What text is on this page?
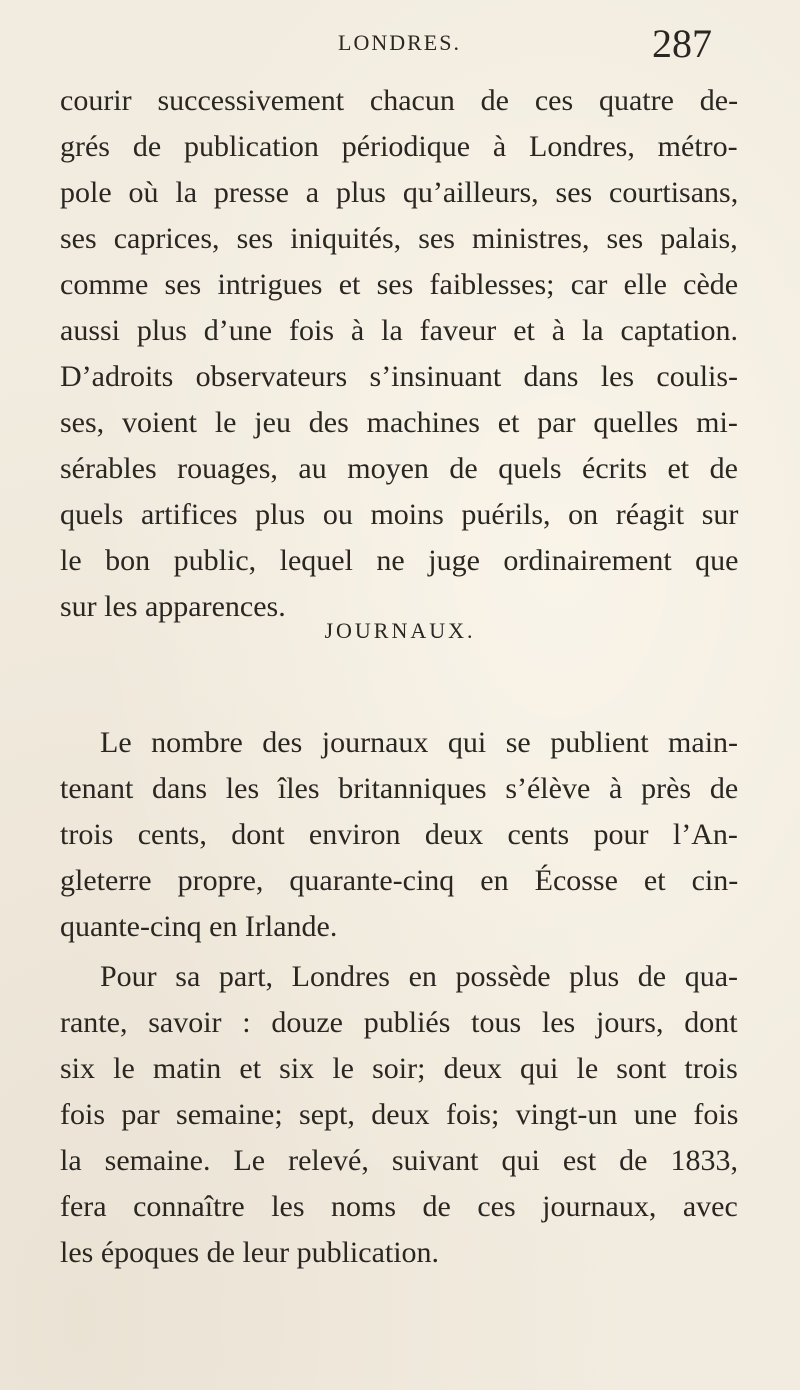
LONDRES.	287
courir successivement chacun de ces quatre de-
grés de publication périodique à Londres, métro-
pole où la presse a plus qu’ailleurs, ses courtisans,
ses caprices, ses iniquités, ses ministres, ses palais,
comme ses intrigues et ses faiblesses; car elle cède
aussi plus d’une fois à la faveur et à la captation.
D’adroits observateurs s’insinuant dans les coulis-
ses, voient le jeu des machines et par quelles mi-
sérables rouages, au moyen de quels écrits et de
quels artifices plus ou moins puérils, on réagit sur
le bon public, lequel ne juge ordinairement que
sur les apparences.
JOURNAUX.
Le nombre des journaux qui se publient main-
tenant dans les îles britanniques s’élève à près de
trois cents, dont environ deux cents pour l’An-
gleterre propre, quarante-cinq en Écosse et cin-
quante-cinq en Irlande.
Pour sa part, Londres en possède plus de qua-
rante, savoir : douze publiés tous les jours, dont
six le matin et six le soir; deux qui le sont trois
fois par semaine; sept, deux fois; vingt-un une fois
la semaine. Le relevé, suivant qui est de 1833,
fera connaître les noms de ces journaux, avec
les époques de leur publication.
